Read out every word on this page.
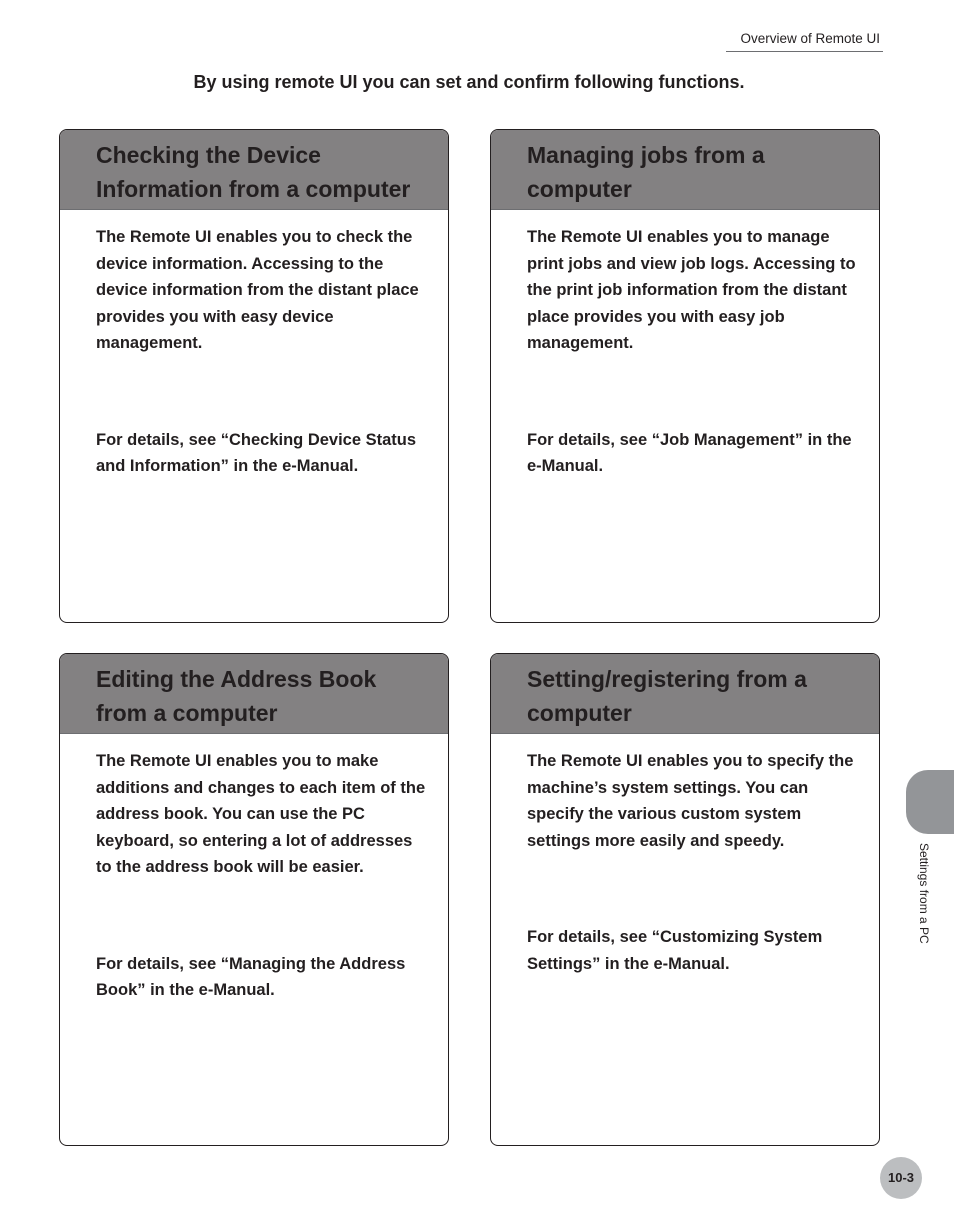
Overview of Remote UI
By using remote UI you can set and confirm following functions.
Checking the Device Information from a computer

The Remote UI enables you to check the device information. Accessing to the device information from the distant place provides you with easy device management.

For details, see “Checking Device Status and Information” in the e-Manual.

Managing jobs from a computer

The Remote UI enables you to manage print jobs and view job logs. Accessing to the print job information from the distant place provides you with easy job management.

For details, see “Job Management” in the e-Manual.

Editing the Address Book from a computer

The Remote UI enables you to make additions and changes to each item of the address book. You can use the PC keyboard, so entering a lot of addresses to the address book will be easier.

For details, see “Managing the Address Book” in the e-Manual.

Setting/registering from a computer

The Remote UI enables you to specify the machine’s system settings. You can specify the various custom system settings more easily and speedy.

For details, see “Customizing System Settings” in the e-Manual.

Settings from a PC
10-3
